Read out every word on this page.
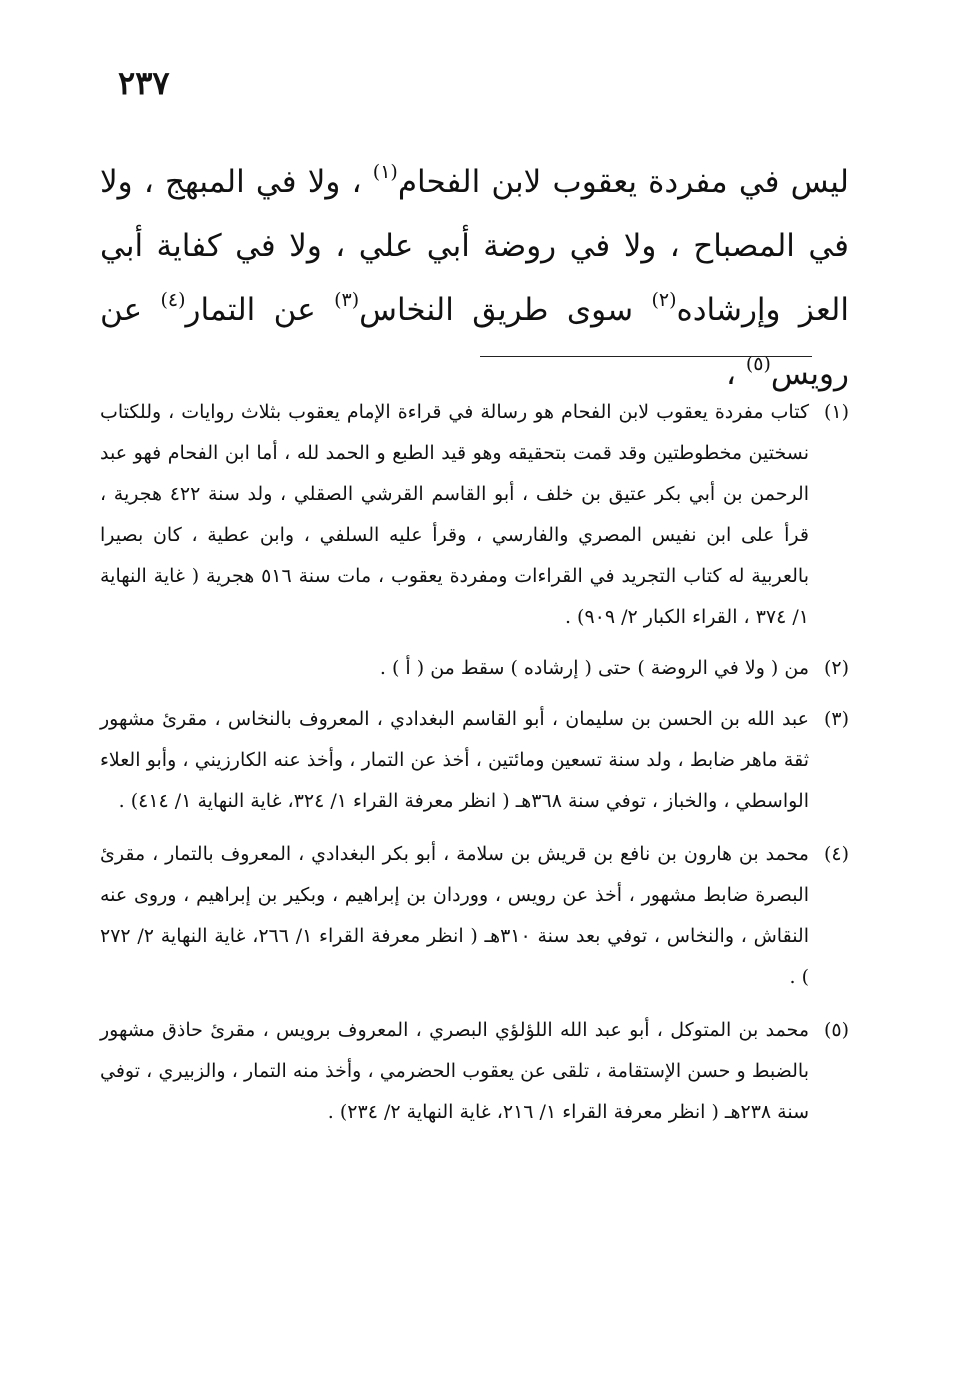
٢٣٧
ليس في مفردة يعقوب لابن الفحام$^{(١)}$ ، ولا في المبهج ، ولا في المصباح ، ولا في روضة أبي علي ، ولا في كفاية أبي العز وإرشاده$^{(٢)}$ سوى طريق النخاس$^{(٣)}$ عن التمار$^{(٤)}$ عن رويس$^{(٥)}$ ،
(١)
كتاب مفردة يعقوب لابن الفحام هو رسالة في قراءة الإمام يعقوب بثلاث روايات ، وللكتاب نسختين مخطوطتين وقد قمت بتحقيقه وهو قيد الطبع و الحمد لله ، أما ابن الفحام فهو عبد الرحمن بن أبي بكر عتيق بن خلف ، أبو القاسم القرشي الصقلي ، ولد سنة ٤٢٢ هجرية ، قرأ على ابن نفيس المصري والفارسي ، وقرأ عليه السلفي ، وابن عطية ، كان بصيرا بالعربية له كتاب التجريد في القراءات ومفردة يعقوب ، مات سنة ٥١٦ هجرية ( غاية النهاية ١/ ٣٧٤ ، القراء الكبار ٢/ ٩٠٩) .
(٢)
من ( ولا في الروضة ) حتى ( إرشاده ) سقط من ( أ ) .
(٣)
عبد الله بن الحسن بن سليمان ، أبو القاسم البغدادي ، المعروف بالنخاس ، مقرئ مشهور ثقة ماهر ضابط ، ولد سنة تسعين ومائتين ، أخذ عن التمار ، وأخذ عنه الكارزيني ، وأبو العلاء الواسطي ، والخباز ، توفي سنة ٣٦٨هـ ( انظر معرفة القراء ١/ ٣٢٤، غاية النهاية ١/ ٤١٤) .
(٤)
محمد بن هارون بن نافع بن قريش بن سلامة ، أبو بكر البغدادي ، المعروف بالتمار ، مقرئ البصرة ضابط مشهور ، أخذ عن رويس ، ووردان بن إبراهيم ، وبكير بن إبراهيم ، وروى عنه النقاش ، والنخاس ، توفي بعد سنة ٣١٠هـ ( انظر معرفة القراء ١/ ٢٦٦، غاية النهاية ٢/ ٢٧٢ ) .
(٥)
محمد بن المتوكل ، أبو عبد الله اللؤلؤي البصري ، المعروف برويس ، مقرئ حاذق مشهور بالضبط و حسن الإستقامة ، تلقى عن يعقوب الحضرمي ، وأخذ منه التمار ، والزبيري ، توفي سنة ٢٣٨هـ ( انظر معرفة القراء ١/ ٢١٦، غاية النهاية ٢/ ٢٣٤) .
